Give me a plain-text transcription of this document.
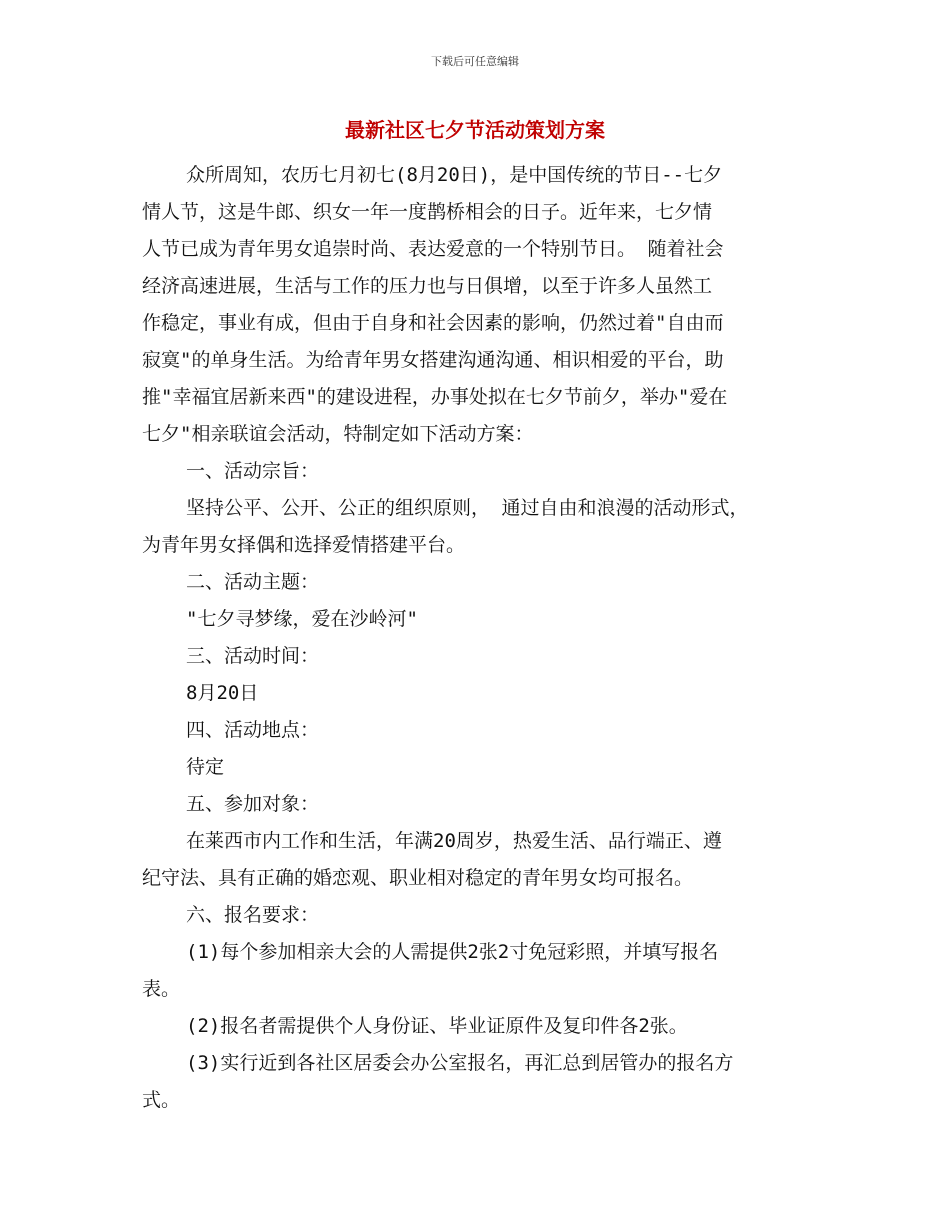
下载后可任意编辑
最新社区七夕节活动策划方案
众所周知，农历七月初七(8月20日)，是中国传统的节日--七夕
情人节，这是牛郎、织女一年一度鹊桥相会的日子。近年来，七夕情
人节已成为青年男女追崇时尚、表达爱意的一个特别节日。 随着社会
经济高速进展，生活与工作的压力也与日俱增，以至于许多人虽然工
作稳定，事业有成，但由于自身和社会因素的影响，仍然过着"自由而
寂寞"的单身生活。为给青年男女搭建沟通沟通、相识相爱的平台，助
推"幸福宜居新来西"的建设进程，办事处拟在七夕节前夕，举办"爱在
七夕"相亲联谊会活动，特制定如下活动方案：
一、活动宗旨：
坚持公平、公开、公正的组织原则， 通过自由和浪漫的活动形式，
为青年男女择偶和选择爱情搭建平台。
二、活动主题：
"七夕寻梦缘，爱在沙岭河"
三、活动时间：
8月20日
四、活动地点：
待定
五、参加对象：
在莱西市内工作和生活，年满20周岁，热爱生活、品行端正、遵
纪守法、具有正确的婚恋观、职业相对稳定的青年男女均可报名。
六、报名要求：
(1)每个参加相亲大会的人需提供2张2寸免冠彩照，并填写报名
表。
(2)报名者需提供个人身份证、毕业证原件及复印件各2张。
(3)实行近到各社区居委会办公室报名，再汇总到居管办的报名方
式。
